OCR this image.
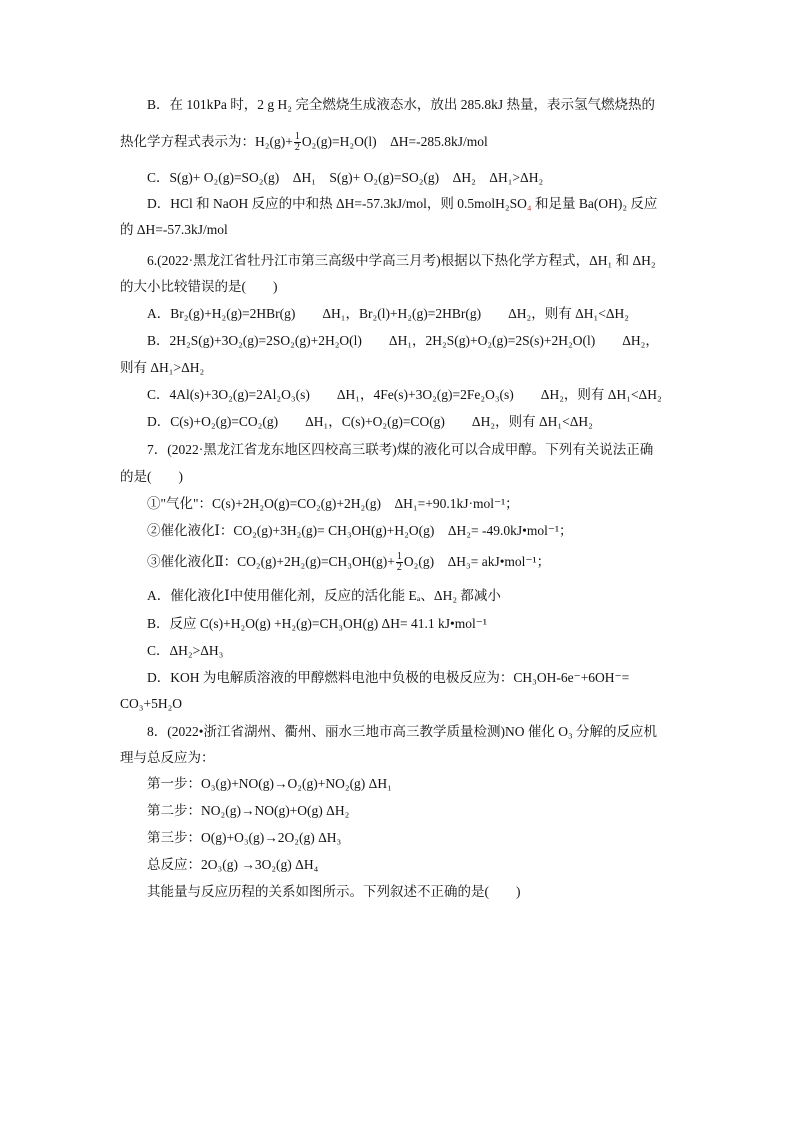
B．在 101kPa 时，2 g H₂ 完全燃烧生成液态水，放出 285.8kJ 热量，表示氢气燃烧热的
热化学方程式表示为：$H_2(g)+ \frac{1}{2} O_2(g)=H_2O(l)$　ΔH=-285.8kJ/mol
C．S(g)+ O₂(g)=SO₂(g)　ΔH₁　S(g)+ O₂(g)=SO₂(g)　ΔH₂　ΔH₁>ΔH₂
D．HCl 和 NaOH 反应的中和热 ΔH=-57.3kJ/mol，则 0.5molH₂SO₄ 和足量 Ba(OH)₂ 反应
的 ΔH=-57.3kJ/mol
6.(2022·黑龙江省牡丹江市第三高级中学高三月考)根据以下热化学方程式，ΔH₁ 和 ΔH₂
的大小比较错误的是(　　)
A．Br₂(g)+H₂(g)=2HBr(g)　　ΔH₁，Br₂(l)+H₂(g)=2HBr(g)　　ΔH₂，则有 ΔH₁<ΔH₂
B．2H₂S(g)+3O₂(g)=2SO₂(g)+2H₂O(l)　　ΔH₁，2H₂S(g)+O₂(g)=2S(s)+2H₂O(l)　　ΔH₂，
则有 ΔH₁>ΔH₂
C．4Al(s)+3O₂(g)=2Al₂O₃(s)　　ΔH₁，4Fe(s)+3O₂(g)=2Fe₂O₃(s)　　ΔH₂，则有 ΔH₁<ΔH₂
D．C(s)+O₂(g)=CO₂(g)　　ΔH₁，C(s)+O₂(g)=CO(g)　　ΔH₂，则有 ΔH₁<ΔH₂
7．(2022·黑龙江省龙东地区四校高三联考)煤的液化可以合成甲醇。下列有关说法正确
的是(　　)
①"气化"：C(s)+2H₂O(g)=CO₂(g)+2H₂(g)　ΔH₁=+90.1kJ·mol⁻¹；
②催化液化Ⅰ：CO₂(g)+3H₂(g)= CH₃OH(g)+H₂O(g)　ΔH₂= -49.0kJ•mol⁻¹；
③催化液化Ⅱ：$CO_2(g)+2H_2(g)=CH_3OH(g)+ \frac{1}{2} O_2(g)$　ΔH₃= akJ•mol⁻¹；
A．催化液化Ⅰ中使用催化剂，反应的活化能 Eₐ、ΔH₂ 都减小
B．反应 C(s)+H₂O(g) +H₂(g)=CH₃OH(g) ΔH= 41.1 kJ•mol⁻¹
C．ΔH₂>ΔH₃
D．KOH 为电解质溶液的甲醇燃料电池中负极的电极反应为：CH₃OH-6e⁻+6OH⁻=
CO₃+5H₂O
8．(2022•浙江省湖州、衢州、丽水三地市高三教学质量检测)NO 催化 O₃ 分解的反应机
理与总反应为：
第一步：O₃(g)+NO(g)→O₂(g)+NO₂(g) ΔH₁
第二步：NO₂(g)→NO(g)+O(g) ΔH₂
第三步：O(g)+O₃(g)→2O₂(g) ΔH₃
总反应：2O₃(g) →3O₂(g) ΔH₄
其能量与反应历程的关系如图所示。下列叙述不正确的是(　　)
